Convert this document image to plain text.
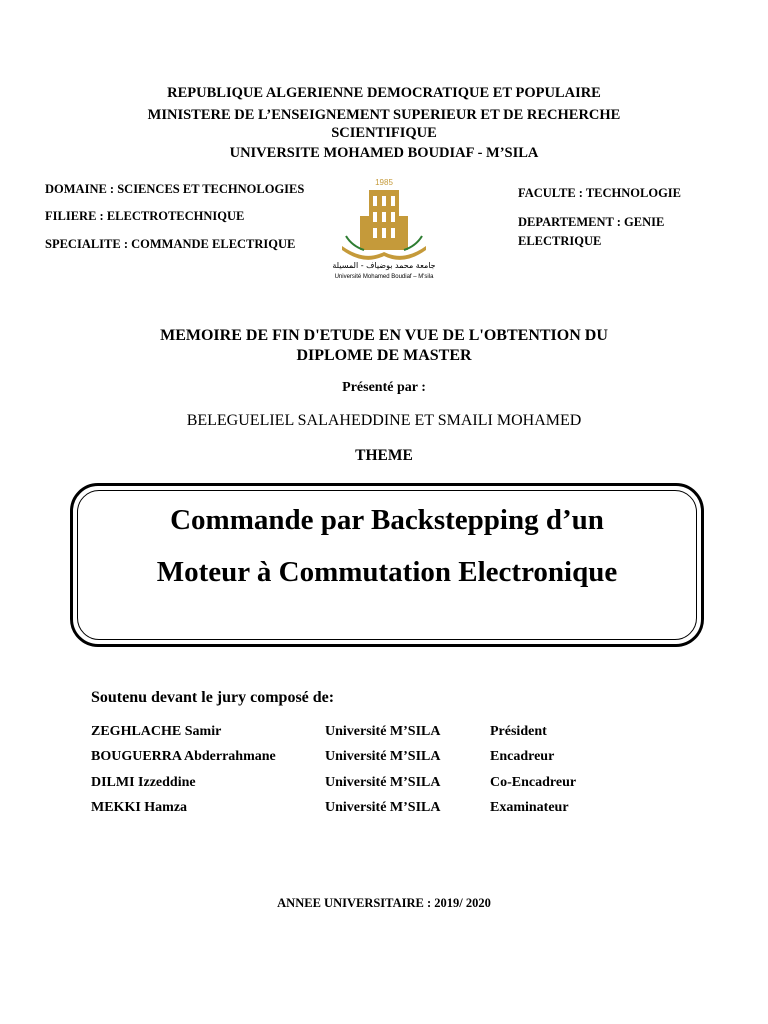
REPUBLIQUE ALGERIENNE DEMOCRATIQUE ET POPULAIRE
MINISTERE DE L’ENSEIGNEMENT SUPERIEUR ET DE RECHERCHE
SCIENTIFIQUE
UNIVERSITE MOHAMED BOUDIAF - M’SILA
DOMAINE : SCIENCES ET TECHNOLOGIES
FILIERE : ELECTROTECHNIQUE
SPECIALITE : COMMANDE ELECTRIQUE
FACULTE : TECHNOLOGIE
DEPARTEMENT : GENIE
ELECTRIQUE
1985
جامعة محمد بوضياف - المسيلة
Université Mohamed Boudiaf – M'sila
MEMOIRE DE FIN D'ETUDE EN VUE DE L'OBTENTION DU
DIPLOME DE MASTER
Présenté par :
BELEGUELIEL SALAHEDDINE ET SMAILI MOHAMED
THEME
Commande par Backstepping d’un
Moteur à Commutation Electronique
Soutenu devant le jury composé de:
ZEGHLACHE Samir	Université M’SILA	Président
BOUGUERRA Abderrahmane	Université M’SILA	Encadreur
DILMI Izzeddine	Université M’SILA	Co-Encadreur
MEKKI Hamza	Université M’SILA	Examinateur
ANNEE UNIVERSITAIRE : 2019/ 2020
